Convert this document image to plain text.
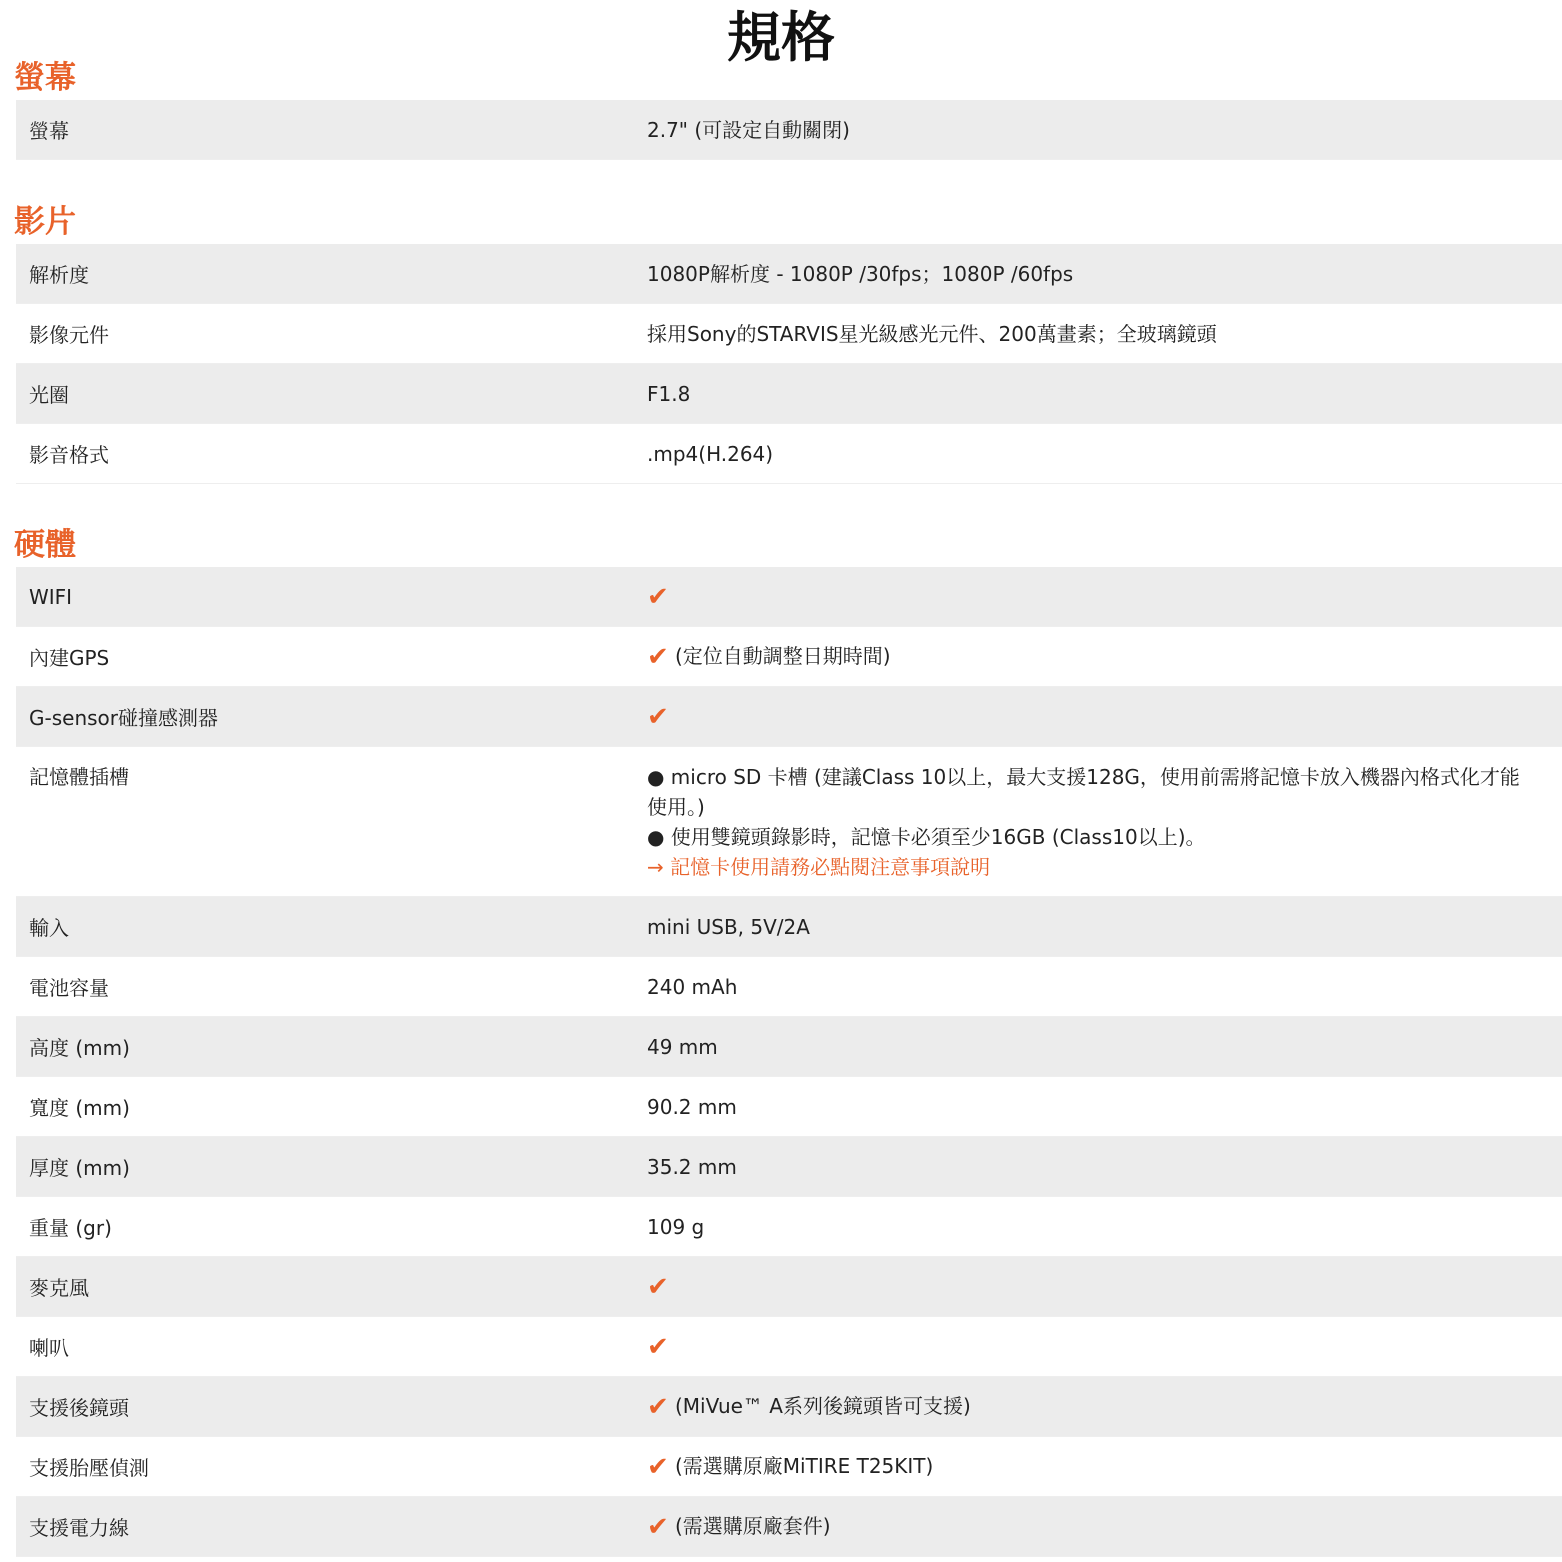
規格
螢幕
螢幕	2.7" (可設定自動關閉)
影片
解析度	1080P解析度 - 1080P /30fps；1080P /60fps
影像元件	採用Sony的STARVIS星光級感光元件、200萬畫素；全玻璃鏡頭
光圈	F1.8
影音格式	.mp4(H.264)
硬體
WIFI	✔
內建GPS	✔ (定位自動調整日期時間)
G-sensor碰撞感測器	✔
記憶體插槽	● micro SD 卡槽 (建議Class 10以上，最大支援128G，使用前需將記憶卡放入機器內格式化才能使用。)
● 使用雙鏡頭錄影時，記憶卡必須至少16GB (Class10以上)。
→ 記憶卡使用請務必點閱注意事項說明
輸入	mini USB, 5V/2A
電池容量	240 mAh
高度 (mm)	49 mm
寬度 (mm)	90.2 mm
厚度 (mm)	35.2 mm
重量 (gr)	109 g
麥克風	✔
喇叭	✔
支援後鏡頭	✔ (MiVue™ A系列後鏡頭皆可支援)
支援胎壓偵測	✔ (需選購原廠MiTIRE T25KIT)
支援電力線	✔ (需選購原廠套件)
